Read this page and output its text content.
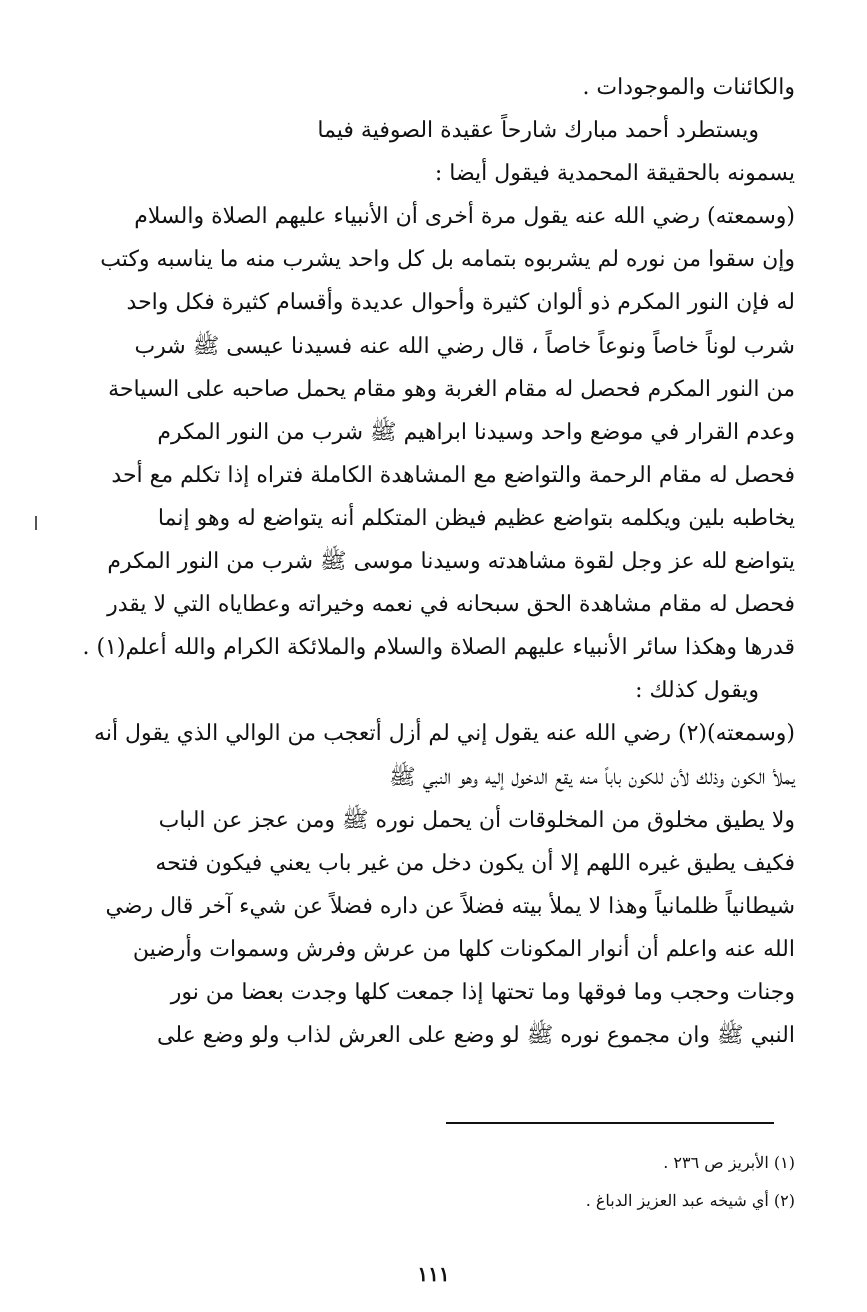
والكائنات والموجودات .
ويستطرد أحمد مبارك شارحاً عقيدة الصوفية فيما
يسمونه بالحقيقة المحمدية فيقول أيضا :
(وسمعته) رضي الله عنه يقول مرة أخرى أن الأنبياء عليهم الصلاة والسلام
وإن سقوا من نوره لم يشربوه بتمامه بل كل واحد يشرب منه ما يناسبه وكتب
له فإن النور المكرم ذو ألوان كثيرة وأحوال عديدة وأقسام كثيرة فكل واحد
شرب لوناً خاصاً ونوعاً خاصاً ، قال رضي الله عنه فسيدنا عيسى ﷺ شرب
من النور المكرم فحصل له مقام الغربة وهو مقام يحمل صاحبه على السياحة
وعدم القرار في موضع واحد وسيدنا ابراهيم ﷺ شرب من النور المكرم
فحصل له مقام الرحمة والتواضع مع المشاهدة الكاملة فتراه إذا تكلم مع أحد
يخاطبه بلين ويكلمه بتواضع عظيم فيظن المتكلم أنه يتواضع له وهو إنما
يتواضع لله عز وجل لقوة مشاهدته وسيدنا موسى ﷺ شرب من النور المكرم
فحصل له مقام مشاهدة الحق سبحانه في نعمه وخيراته وعطاياه التي لا يقدر
قدرها وهكذا سائر الأنبياء عليهم الصلاة والسلام والملائكة الكرام والله أعلم(١) .
ويقول كذلك :
(وسمعته)(٢) رضي الله عنه يقول إني لم أزل أتعجب من الوالي الذي يقول أنه
يملأ الكون وذلك لأن للكون باباً منه يقع الدخول إليه وهو النبي ﷺ
ولا يطيق مخلوق من المخلوقات أن يحمل نوره ﷺ ومن عجز عن الباب
فكيف يطيق غيره اللهم إلا أن يكون دخل من غير باب يعني فيكون فتحه
شيطانياً ظلمانياً وهذا لا يملأ بيته فضلاً عن داره فضلاً عن شيء آخر قال رضي
الله عنه واعلم أن أنوار المكونات كلها من عرش وفرش وسموات وأرضين
وجنات وحجب وما فوقها وما تحتها إذا جمعت كلها وجدت بعضا من نور
النبي ﷺ وان مجموع نوره ﷺ لو وضع على العرش لذاب ولو وضع على
(١) الأبريز ص ٢٣٦ .
(٢) أي شيخه عبد العزيز الدباغ .
١١١
